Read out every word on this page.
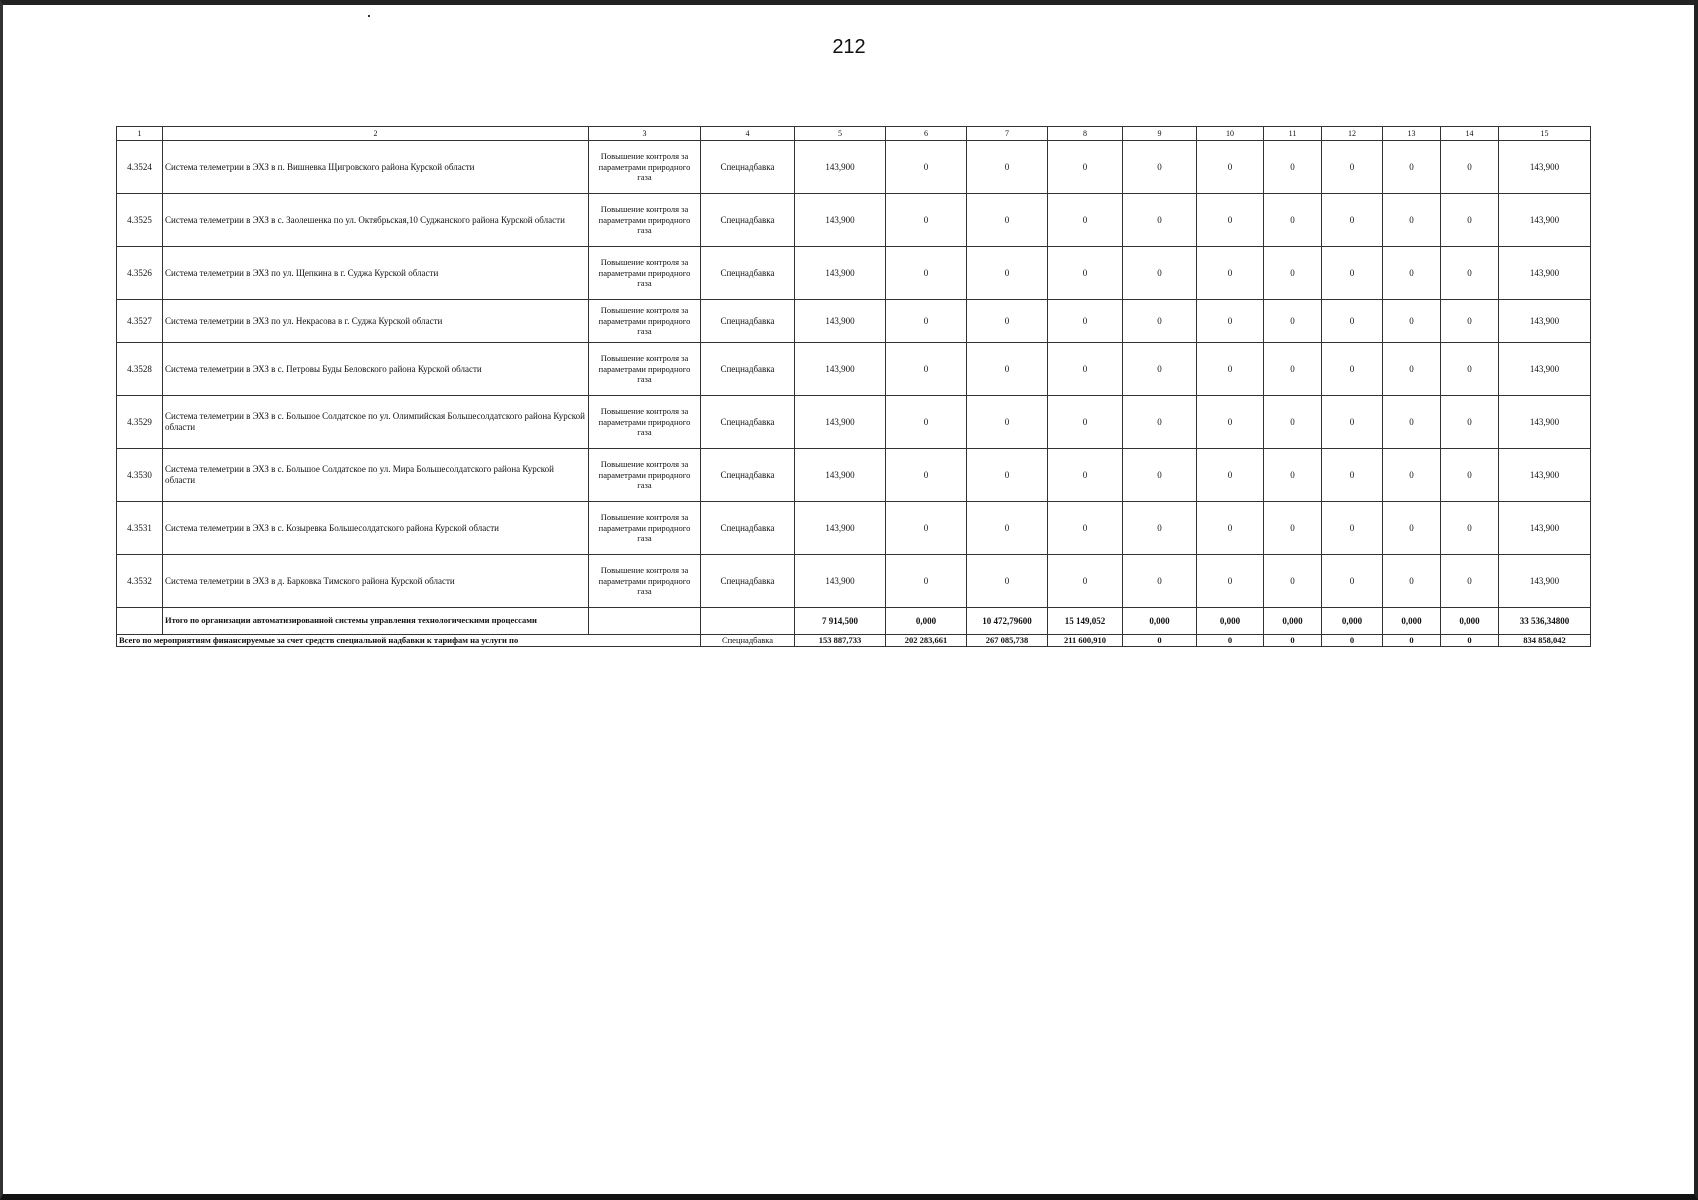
212
1	2	3	4	5	6	7	8	9	10	11	12	13	14	15
4.3524	Система телеметрии в ЭХЗ в п. Вишневка Щигровского района Курской области	Повышение контроля за параметрами природного газа	Спецнадбавка	143,900	0	0	0	0	0	0	0	0	0	143,900
4.3525	Система телеметрии в ЭХЗ в с. Заолешенка по ул. Октябрьская,10 Суджанского района Курской области	Повышение контроля за параметрами природного газа	Спецнадбавка	143,900	0	0	0	0	0	0	0	0	0	143,900
4.3526	Система телеметрии в ЭХЗ по ул. Щепкина в г. Суджа Курской области	Повышение контроля за параметрами природного газа	Спецнадбавка	143,900	0	0	0	0	0	0	0	0	0	143,900
4.3527	Система телеметрии в ЭХЗ по ул. Некрасова в г. Суджа Курской области	Повышение контроля за параметрами природного газа	Спецнадбавка	143,900	0	0	0	0	0	0	0	0	0	143,900
4.3528	Система телеметрии в ЭХЗ в с. Петровы Буды Беловского района Курской области	Повышение контроля за параметрами природного газа	Спецнадбавка	143,900	0	0	0	0	0	0	0	0	0	143,900
4.3529	Система телеметрии в ЭХЗ в с. Большое Солдатское по ул. Олимпийская Большесолдатского района Курской области	Повышение контроля за параметрами природного газа	Спецнадбавка	143,900	0	0	0	0	0	0	0	0	0	143,900
4.3530	Система телеметрии в ЭХЗ в с. Большое Солдатское по ул. Мира Большесолдатского района Курской области	Повышение контроля за параметрами природного газа	Спецнадбавка	143,900	0	0	0	0	0	0	0	0	0	143,900
4.3531	Система телеметрии в ЭХЗ в с. Козыревка Большесолдатского района Курской области	Повышение контроля за параметрами природного газа	Спецнадбавка	143,900	0	0	0	0	0	0	0	0	0	143,900
4.3532	Система телеметрии в ЭХЗ в д. Барковка Тимского района Курской области	Повышение контроля за параметрами природного газа	Спецнадбавка	143,900	0	0	0	0	0	0	0	0	0	143,900
	Итого по организации автоматизированной системы управления технологическими процессами			7 914,500	0,000	10 472,79600	15 149,052	0,000	0,000	0,000	0,000	0,000	0,000	33 536,34800
Всего по мероприятиям финансируемые за счет средств специальной надбавки к тарифам на услуги по			Спецнадбавка	153 887,733	202 283,661	267 085,738	211 600,910	0	0	0	0	0	0	834 858,042
